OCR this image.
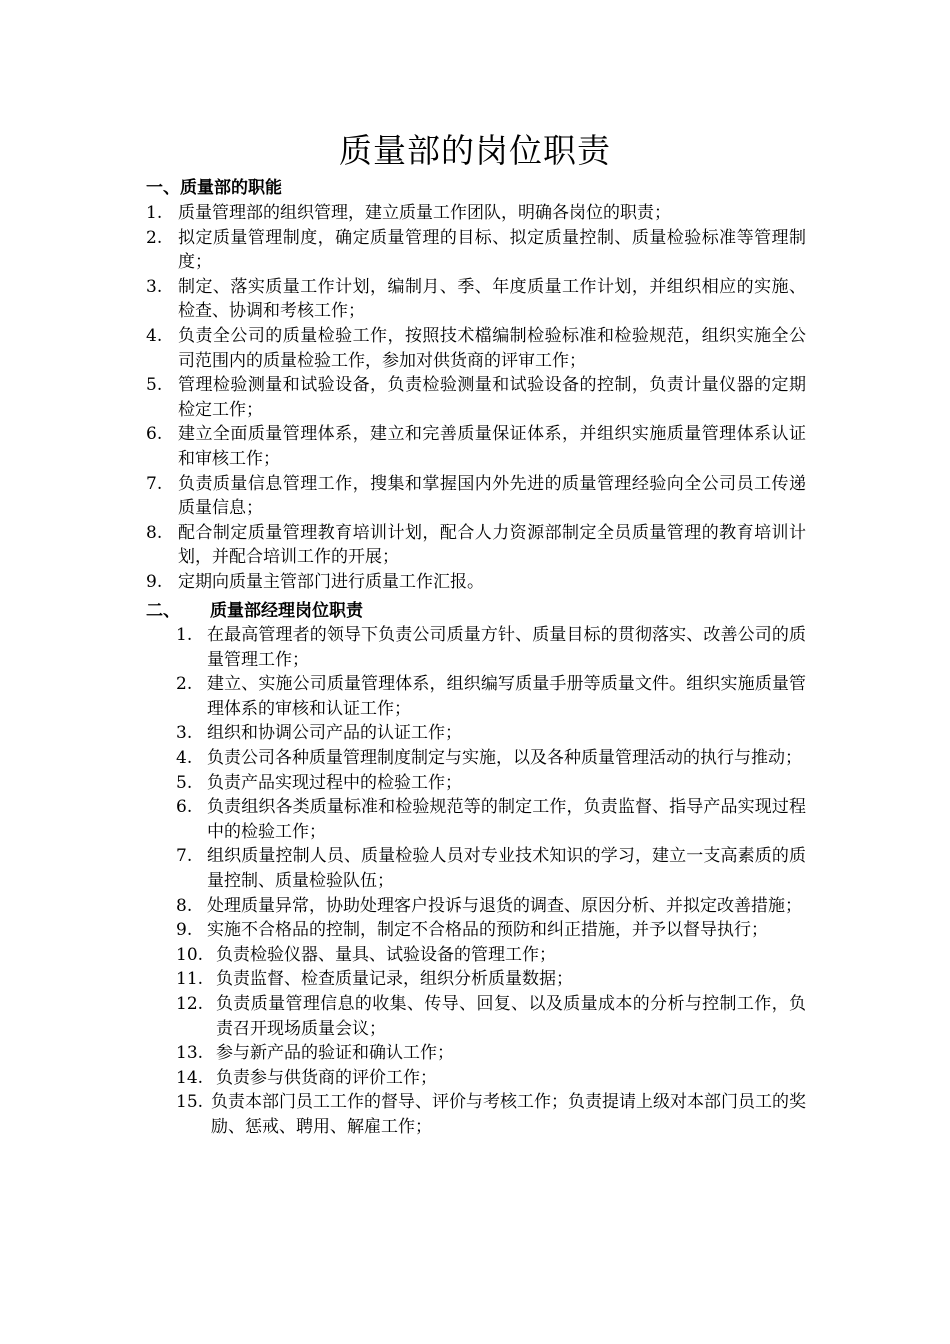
质量部的岗位职责
一、质量部的职能
1. 质量管理部的组织管理，建立质量工作团队，明确各岗位的职责；
2. 拟定质量管理制度，确定质量管理的目标、拟定质量控制、质量检验标准等管理制度；
3. 制定、落实质量工作计划，编制月、季、年度质量工作计划，并组织相应的实施、检查、协调和考核工作；
4. 负责全公司的质量检验工作，按照技术檔编制检验标准和检验规范，组织实施全公司范围内的质量检验工作，参加对供货商的评审工作；
5. 管理检验测量和试验设备，负责检验测量和试验设备的控制，负责计量仪器的定期检定工作；
6. 建立全面质量管理体系，建立和完善质量保证体系，并组织实施质量管理体系认证和审核工作；
7. 负责质量信息管理工作，搜集和掌握国内外先进的质量管理经验向全公司员工传递质量信息；
8. 配合制定质量管理教育培训计划，配合人力资源部制定全员质量管理的教育培训计划，并配合培训工作的开展；
9. 定期向质量主管部门进行质量工作汇报。
二、 质量部经理岗位职责
1. 在最高管理者的领导下负责公司质量方针、质量目标的贯彻落实、改善公司的质量管理工作；
2. 建立、实施公司质量管理体系，组织编写质量手册等质量文件。组织实施质量管理体系的审核和认证工作；
3. 组织和协调公司产品的认证工作；
4. 负责公司各种质量管理制度制定与实施，以及各种质量管理活动的执行与推动；
5. 负责产品实现过程中的检验工作；
6. 负责组织各类质量标准和检验规范等的制定工作，负责监督、指导产品实现过程中的检验工作；
7. 组织质量控制人员、质量检验人员对专业技术知识的学习，建立一支高素质的质量控制、质量检验队伍；
8. 处理质量异常，协助处理客户投诉与退货的调查、原因分析、并拟定改善措施；
9. 实施不合格品的控制，制定不合格品的预防和纠正措施，并予以督导执行；
10. 负责检验仪器、量具、试验设备的管理工作；
11. 负责监督、检查质量记录，组织分析质量数据；
12. 负责质量管理信息的收集、传导、回复、以及质量成本的分析与控制工作，负责召开现场质量会议；
13. 参与新产品的验证和确认工作；
14. 负责参与供货商的评价工作；
15. 负责本部门员工工作的督导、评价与考核工作；负责提请上级对本部门员工的奖励、惩戒、聘用、解雇工作；
